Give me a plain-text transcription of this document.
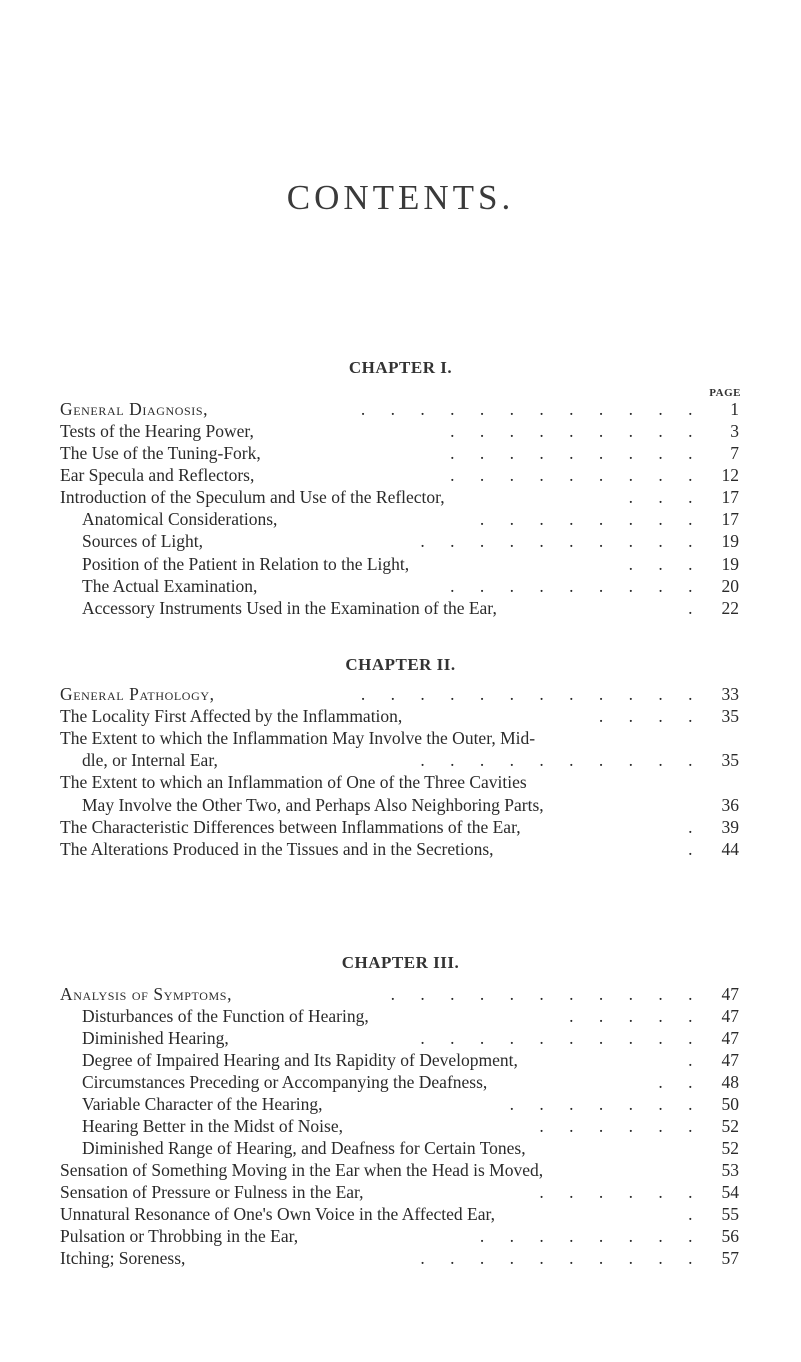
CONTENTS.
PAGE
CHAPTER I.
CHAPTER II.
CHAPTER III.
General Diagnosis,	. . . . . . . . . . . . 1
Tests of the Hearing Power,	. . . . . . . . . 3
The Use of the Tuning-Fork,	. . . . . . . . . 7
Ear Specula and Reflectors,	. . . . . . . . . 12
Introduction of the Speculum and Use of the Reflector,	. . . 17
Anatomical Considerations,	. . . . . . . . 17
Sources of Light,	. . . . . . . . . . 19
Position of the Patient in Relation to the Light,	. . . 19
The Actual Examination,	. . . . . . . . . 20
Accessory Instruments Used in the Examination of the Ear,	. 22
General Pathology,	. . . . . . . . . . . . 33
The Locality First Affected by the Inflammation,	. . . . 35
The Extent to which the Inflammation May Involve the Outer, Mid-
dle, or Internal Ear,	. . . . . . . . . . 35
The Extent to which an Inflammation of One of the Three Cavities
May Involve the Other Two, and Perhaps Also Neighboring Parts,	36
The Characteristic Differences between Inflammations of the Ear,	. 39
The Alterations Produced in the Tissues and in the Secretions,	. 44
Analysis of Symptoms,	. . . . . . . . . . . 47
Disturbances of the Function of Hearing,	. . . . . 47
Diminished Hearing,	. . . . . . . . . . 47
Degree of Impaired Hearing and Its Rapidity of Development,	. 47
Circumstances Preceding or Accompanying the Deafness,	. . 48
Variable Character of the Hearing,	. . . . . . . 50
Hearing Better in the Midst of Noise,	. . . . . . 52
Diminished Range of Hearing, and Deafness for Certain Tones,	52
Sensation of Something Moving in the Ear when the Head is Moved,	53
Sensation of Pressure or Fulness in the Ear,	. . . . . . 54
Unnatural Resonance of One's Own Voice in the Affected Ear,	. 55
Pulsation or Throbbing in the Ear,	. . . . . . . . 56
Itching; Soreness,	. . . . . . . . . . 57
